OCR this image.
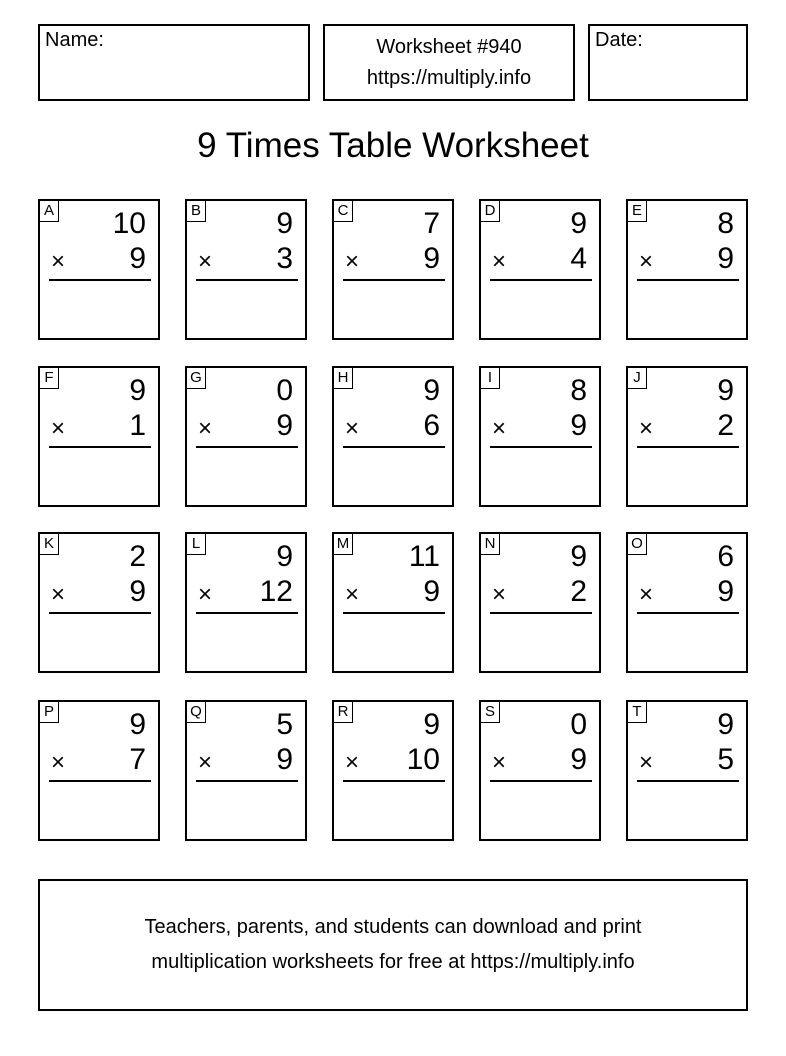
Name:	Worksheet #940
https://multiply.info
Date:
9 Times Table Worksheet
A 10
× 9
B	9
× 3
C 7
× 9
D 9
× 4
E	8
× 9
F	9
× 1
G 0
× 9
H 9
× 6
I	8
× 9
J	9
× 2
K	2
× 9
L	9
× 12
M 11
× 9
N 9
× 2
O 6
× 9
P	9
× 7
Q 5
× 9
R 9
× 10
S	0
× 9
T	9
× 5
Teachers, parents, and students can download and print
multiplication worksheets for free at https://multiply.info
